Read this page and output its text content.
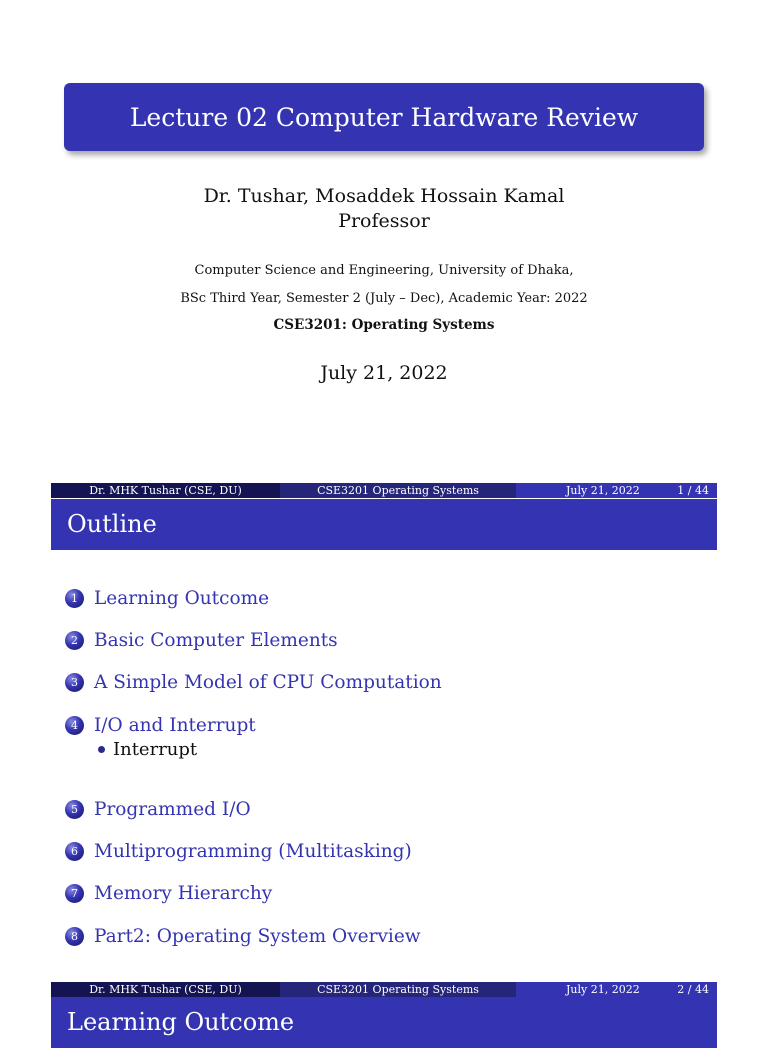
Lecture 02 Computer Hardware Review
Dr. Tushar, Mosaddek Hossain Kamal
Professor
Computer Science and Engineering, University of Dhaka,
BSc Third Year, Semester 2 (July – Dec), Academic Year: 2022
CSE3201: Operating Systems
July 21, 2022
Dr. MHK Tushar (CSE, DU)	CSE3201 Operating Systems	July 21, 2022	1 / 44
Outline
1 Learning Outcome
2 Basic Computer Elements
3 A Simple Model of CPU Computation
4 I/O and Interrupt
5 Programmed I/O
6 Multiprogramming (Multitasking)
7 Memory Hierarchy
8 Part2: Operating System Overview
Interrupt
Dr. MHK Tushar (CSE, DU)	CSE3201 Operating Systems	July 21, 2022	2 / 44
Learning Outcome
